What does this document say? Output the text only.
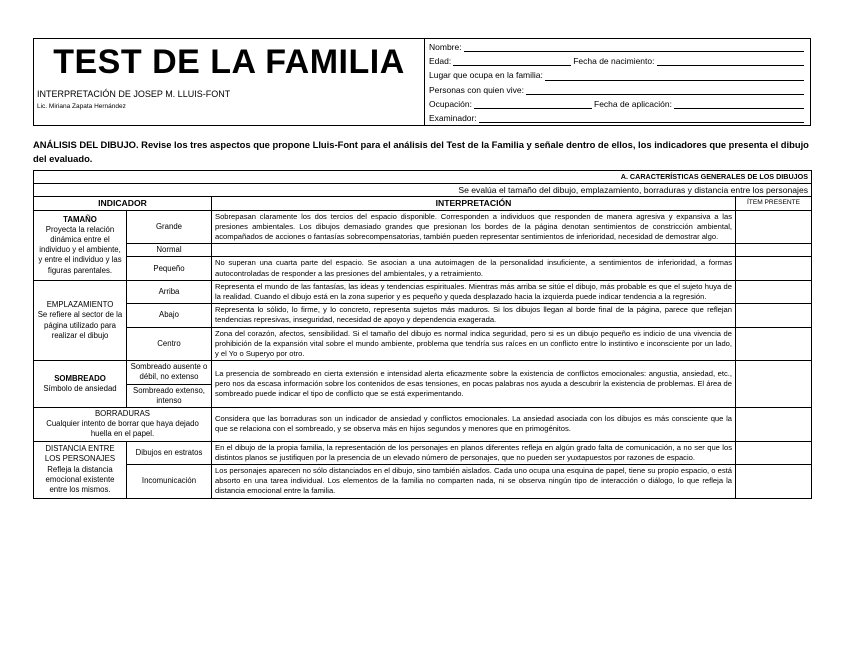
TEST DE LA FAMILIA
INTERPRETACIÓN DE JOSEP M. LLUIS-FONT
Lic. Miriana Zapata Hernández
Nombre:
Edad:	Fecha de nacimiento:
Lugar que ocupa en la familia:
Personas con quien vive:
Ocupación:	Fecha de aplicación:
Examinador:
ANÁLISIS DEL DIBUJO. Revise los tres aspectos que propone Lluis-Font para el análisis del Test de la Familia y señale dentro de ellos, los indicadores que presenta el dibujo del evaluado.
A. CARACTERÍSTICAS GENERALES DE LOS DIBUJOS			
Se evalúa el tamaño del dibujo, emplazamiento, borraduras y distancia entre los personajes			
INDICADOR		INTERPRETACIÓN	ÍTEM PRESENTE
TAMAÑO
Proyecta la relación dinámica entre el individuo y el ambiente, y entre el individuo y las figuras parentales.	Grande	Sobrepasan claramente los dos tercios del espacio disponible. Corresponden a individuos que responden de manera agresiva y expansiva a las presiones ambientales. Los dibujos demasiado grandes que presionan los bordes de la página denotan sentimientos de constricción ambiental, acompañados de acciones o fantasías sobrecompensatorias, también pueden representar sentimientos de inferioridad, necesidad de demostrar algo.	
	Normal		
	Pequeño	No superan una cuarta parte del espacio. Se asocian a una autoimagen de la personalidad insuficiente, a sentimientos de inferioridad, a formas autocontroladas de responder a las presiones del ambientales, y a retraimiento.	
EMPLAZAMIENTO
Se refiere al sector de la página utilizado para realizar el dibujo	Arriba	Representa el mundo de las fantasías, las ideas y tendencias espirituales. Mientras más arriba se sitúe el dibujo, más probable es que el sujeto huya de la realidad. Cuando el dibujo está en la zona superior y es pequeño y queda desplazado hacia la izquierda puede indicar tendencia a la regresión.	
	Abajo	Representa lo sólido, lo firme, y lo concreto, representa sujetos más maduros. Si los dibujos llegan al borde final de la página, parece que reflejan tendencias represivas, inseguridad, necesidad de apoyo y dependencia exagerada.	
	Centro	Zona del corazón, afectos, sensibilidad. Si el tamaño del dibujo es normal indica seguridad, pero si es un dibujo pequeño es indicio de una vivencia de prohibición de la expansión vital sobre el mundo ambiente, problema que tendría sus raíces en un conflicto entre lo instintivo e inconsciente por un lado, y el Yo o Superyo por otro.	
SOMBREADO
Símbolo de ansiedad	Sombreado ausente o débil, no extenso	La presencia de sombreado en cierta extensión e intensidad alerta eficazmente sobre la existencia de conflictos emocionales: angustia, ansiedad, etc., pero nos da escasa información sobre los contenidos de esas tensiones, en pocas palabras nos ayuda a descubrir la existencia de problemas. El área de sombreado puede indicar el tipo de conflicto que se está experimentando.	
	Sombreado extenso, intenso		
BORRADURAS
Cualquier intento de borrar que haya dejado huella en el papel.		Considera que las borraduras son un indicador de ansiedad y conflictos emocionales. La ansiedad asociada con los dibujos es más consciente que la que se relaciona con el sombreado, y se observa más en hijos segundos y menores que en primogénitos.	
DISTANCIA ENTRE LOS PERSONAJES
Refleja la distancia emocional existente entre los mismos.	Dibujos en estratos	En el dibujo de la propia familia, la representación de los personajes en planos diferentes refleja en algún grado falta de comunicación, a no ser que los distintos planos se justifiquen por la presencia de un elevado número de personajes, que no pueden ser yuxtapuestos por razones de espacio.	
	Incomunicación	Los personajes aparecen no sólo distanciados en el dibujo, sino también aislados. Cada uno ocupa una esquina de papel, tiene su propio espacio, o está absorto en una tarea individual. Los elementos de la familia no comparten nada, ni se observa ningún tipo de interacción o diálogo, lo que refleja la distancia emocional entre la familia.	
